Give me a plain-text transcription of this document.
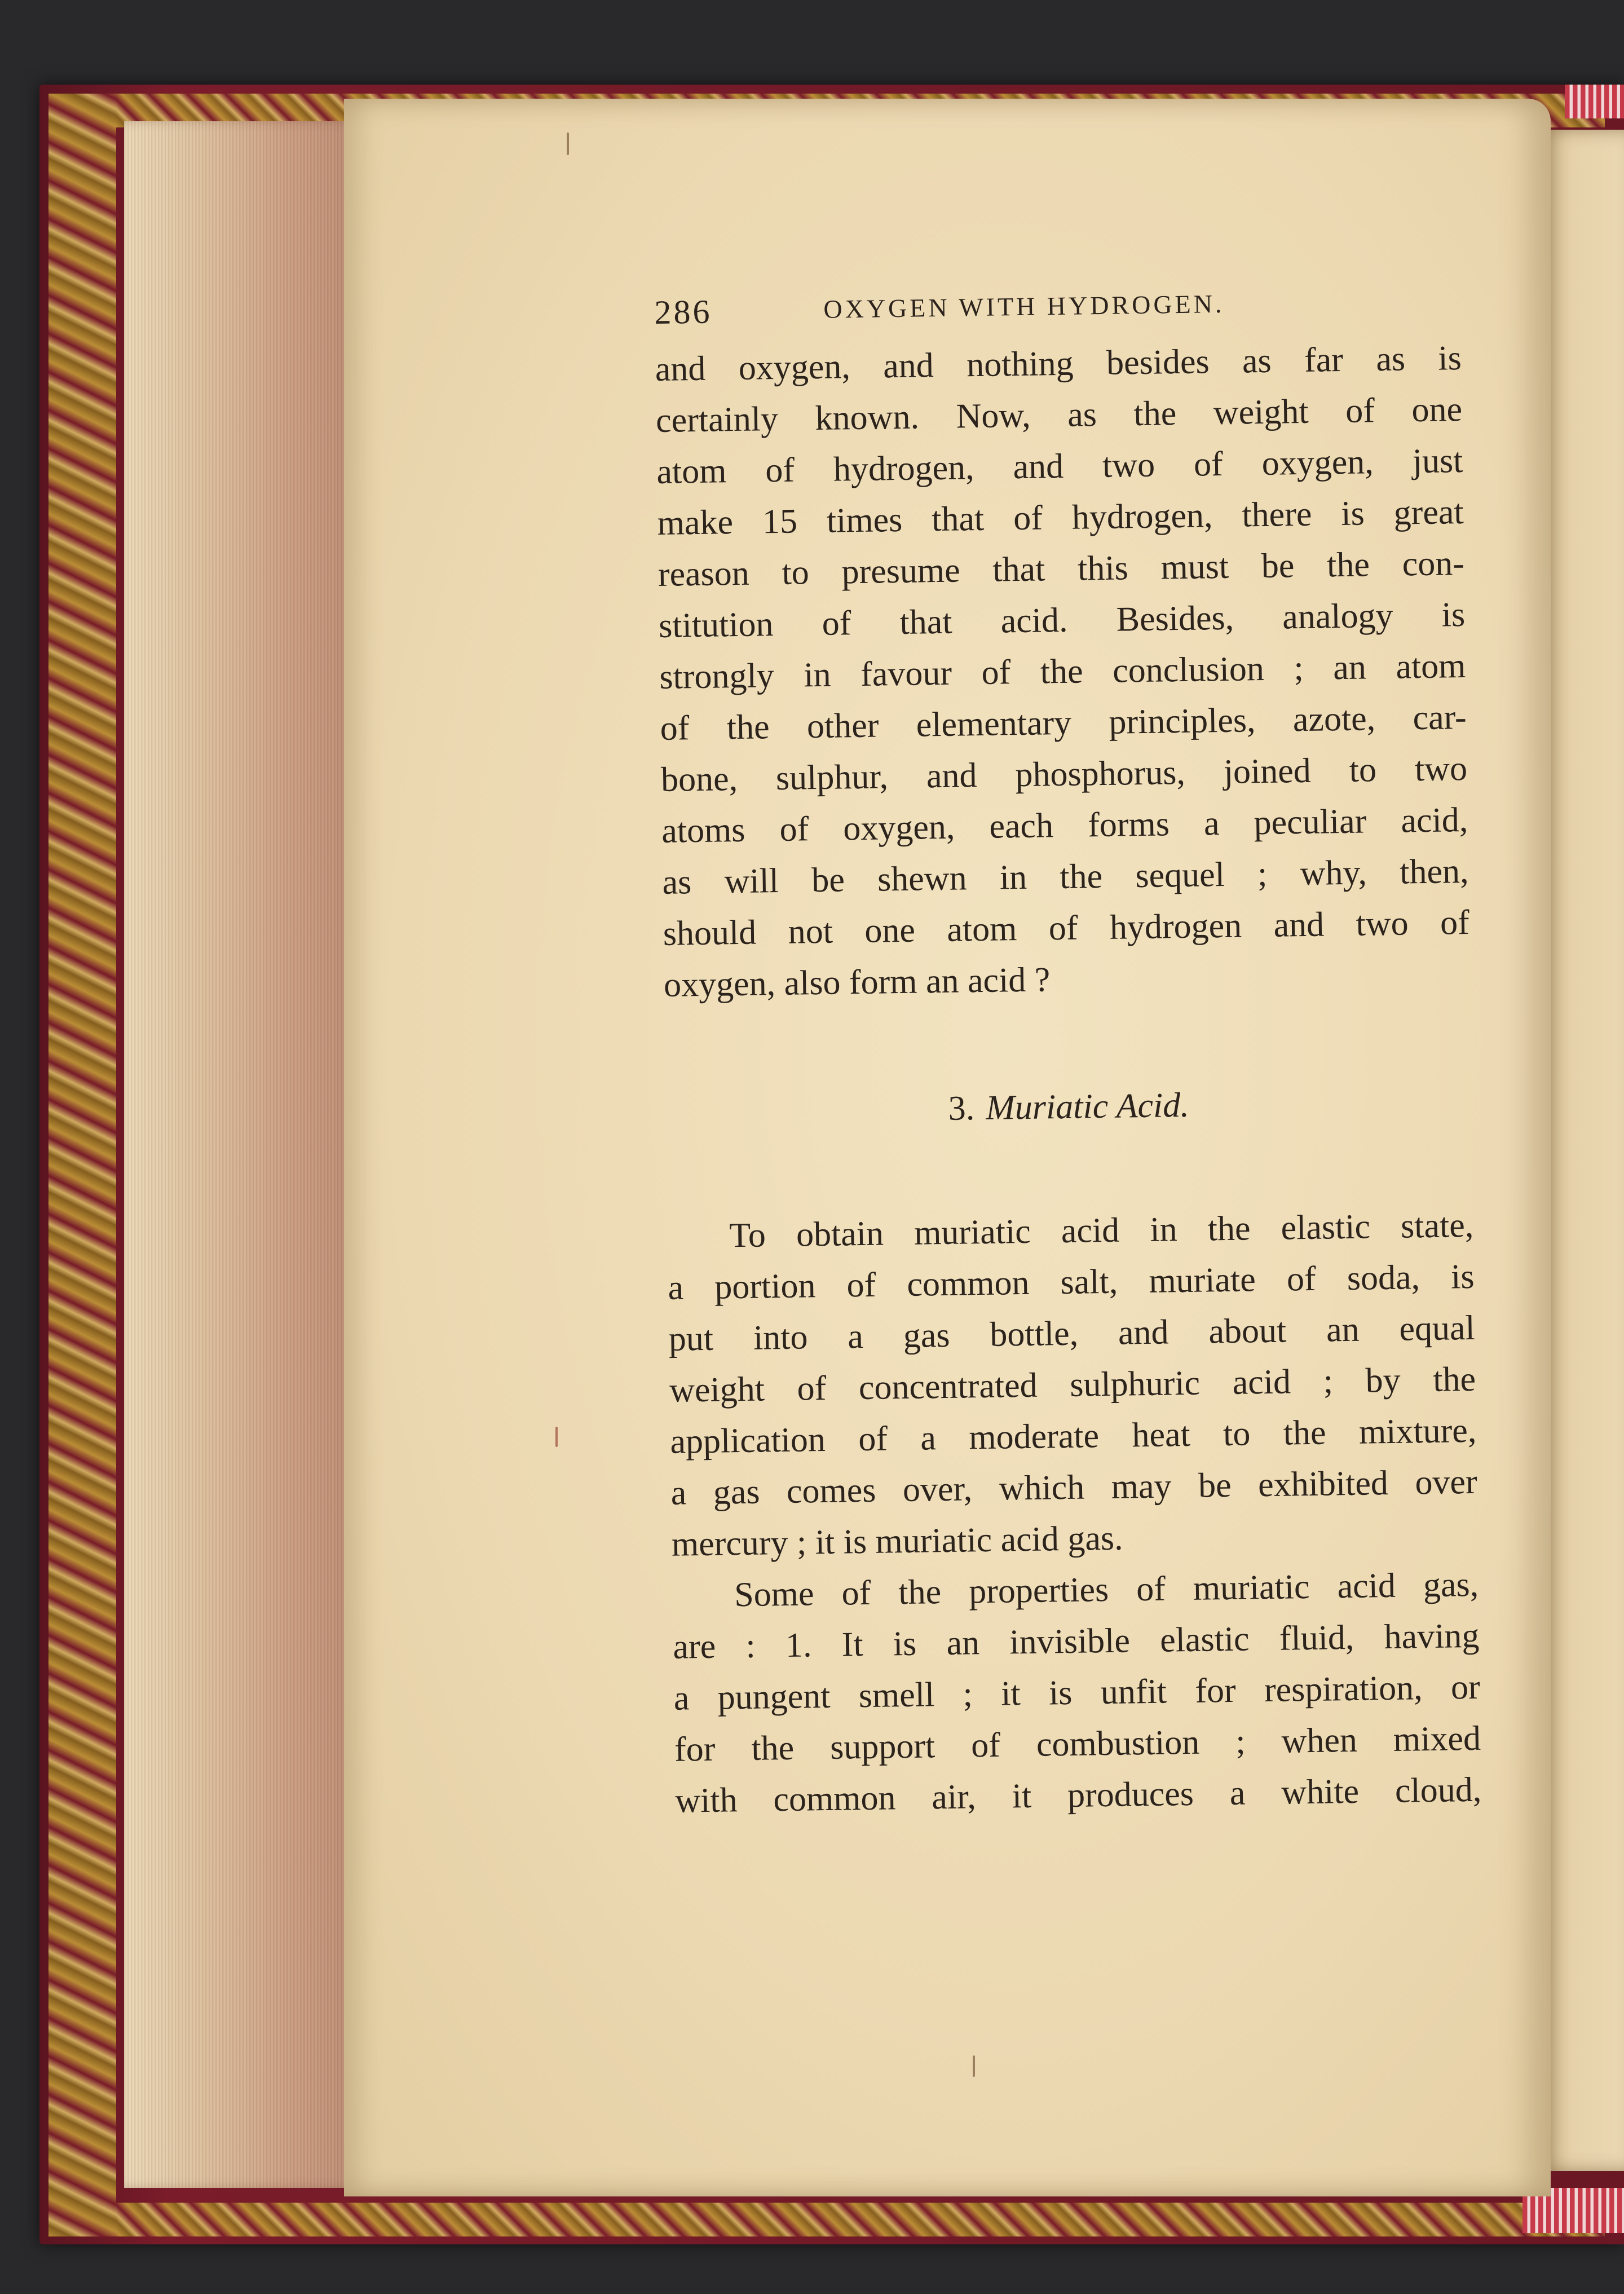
286	OXYGEN WITH HYDROGEN.
and oxygen, and nothing besides as far as is
certainly known. Now, as the weight of one
atom of hydrogen, and two of oxygen, just
make 15 times that of hydrogen, there is great
reason to presume that this must be the con-
stitution of that acid. Besides, analogy is
strongly in favour of the conclusion ; an atom
of the other elementary principles, azote, car-
bone, sulphur, and phosphorus, joined to two
atoms of oxygen, each forms a peculiar acid,
as will be shewn in the sequel ; why, then,
should not one atom of hydrogen and two of
oxygen, also form an acid ?
3. Muriatic Acid.
To obtain muriatic acid in the elastic state,
a portion of common salt, muriate of soda, is
put into a gas bottle, and about an equal
weight of concentrated sulphuric acid ; by the
application of a moderate heat to the mixture,
a gas comes over, which may be exhibited over
mercury ; it is muriatic acid gas.
Some of the properties of muriatic acid gas,
are : 1. It is an invisible elastic fluid, having
a pungent smell ; it is unfit for respiration, or
for the support of combustion ; when mixed
with common air, it produces a white cloud,
